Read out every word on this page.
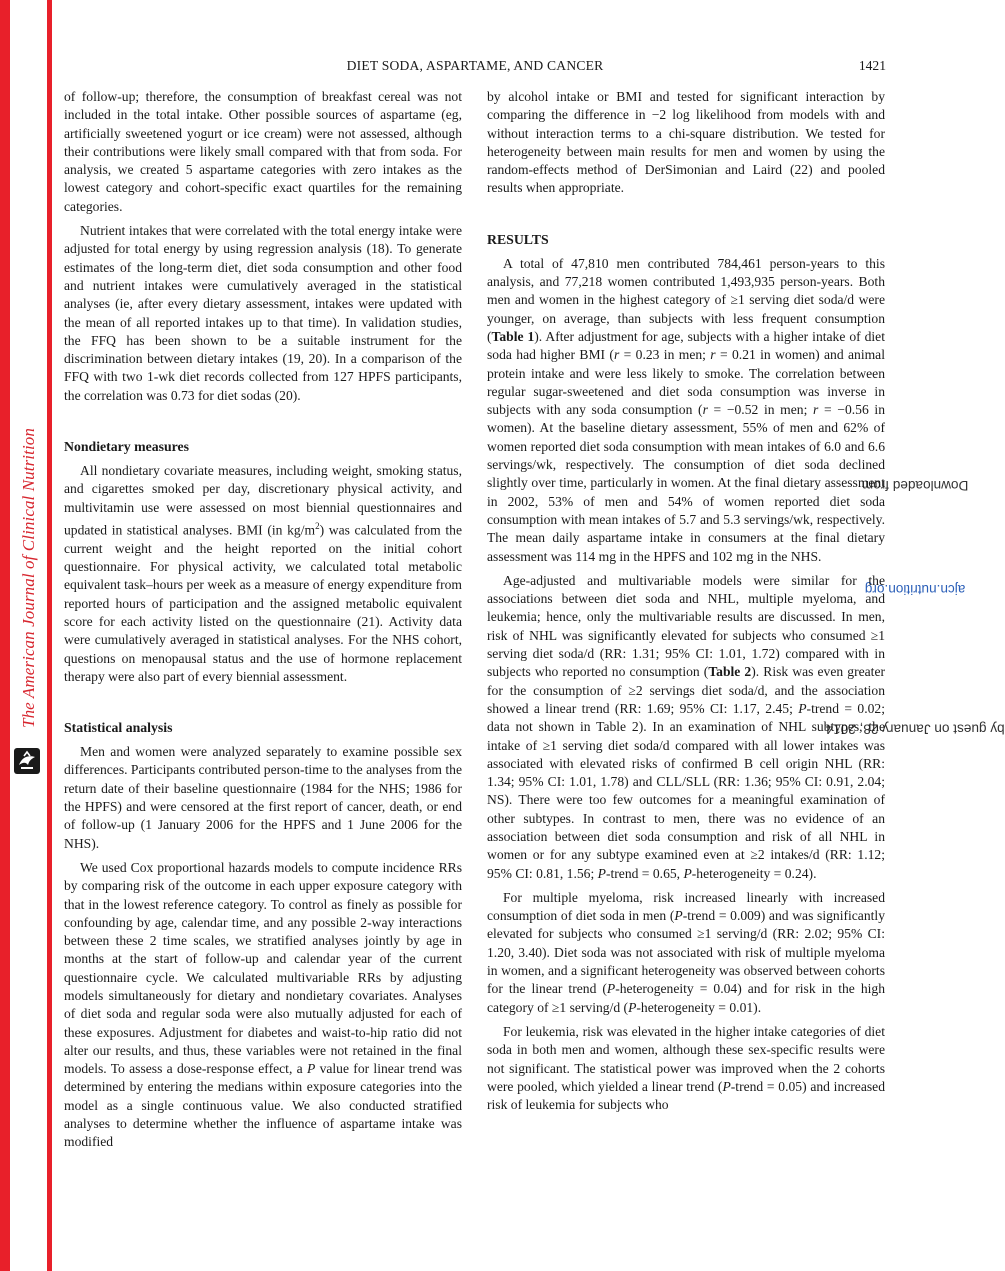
The American Journal of Clinical Nutrition	Downloaded fromajcn.nutrition.orgby guest on January 28, 2014
DIET SODA, ASPARTAME, AND CANCER	1421

of follow-up; therefore, the consumption of breakfast cereal was not included in the total intake. Other possible sources of aspartame (eg, artificially sweetened yogurt or ice cream) were not assessed, although their contributions were likely small compared with that from soda. For analysis, we created 5 aspartame categories with zero intakes as the lowest category and cohort-specific exact quartiles for the remaining categories.

Nutrient intakes that were correlated with the total energy intake were adjusted for total energy by using regression analysis (18). To generate estimates of the long-term diet, diet soda consumption and other food and nutrient intakes were cumulatively averaged in the statistical analyses (ie, after every dietary assessment, intakes were updated with the mean of all reported intakes up to that time). In validation studies, the FFQ has been shown to be a suitable instrument for the discrimination between dietary intakes (19, 20). In a comparison of the FFQ with two 1-wk diet records collected from 127 HPFS participants, the correlation was 0.73 for diet sodas (20).

Nondietary measures

All nondietary covariate measures, including weight, smoking status, and cigarettes smoked per day, discretionary physical activity, and multivitamin use were assessed on most biennial questionnaires and updated in statistical analyses. BMI (in $kg/m^2$) was calculated from the current weight and the height reported on the initial cohort questionnaire. For physical activity, we calculated total metabolic equivalent task–hours per week as a measure of energy expenditure from reported hours of participation and the assigned metabolic equivalent score for each activity listed on the questionnaire (21). Activity data were cumulatively averaged in statistical analyses. For the NHS cohort, questions on menopausal status and the use of hormone replacement therapy were also part of every biennial assessment.

Statistical analysis

Men and women were analyzed separately to examine possible sex differences. Participants contributed person-time to the analyses from the return date of their baseline questionnaire (1984 for the NHS; 1986 for the HPFS) and were censored at the first report of cancer, death, or end of follow-up (1 January 2006 for the HPFS and 1 June 2006 for the NHS).

We used Cox proportional hazards models to compute incidence RRs by comparing risk of the outcome in each upper exposure category with that in the lowest reference category. To control as finely as possible for confounding by age, calendar time, and any possible 2-way interactions between these 2 time scales, we stratified analyses jointly by age in months at the start of follow-up and calendar year of the current questionnaire cycle. We calculated multivariable RRs by adjusting models simultaneously for dietary and nondietary covariates. Analyses of diet soda and regular soda were also mutually adjusted for each of these exposures. Adjustment for diabetes and waist-to-hip ratio did not alter our results, and thus, these variables were not retained in the final models. To assess a dose-response effect, a P value for linear trend was determined by entering the medians within exposure categories into the model as a single continuous value. We also conducted stratified analyses to determine whether the influence of aspartame intake was modified

by alcohol intake or BMI and tested for significant interaction by comparing the difference in −2 log likelihood from models with and without interaction terms to a chi-square distribution. We tested for heterogeneity between main results for men and women by using the random-effects method of DerSimonian and Laird (22) and pooled results when appropriate.

RESULTS

A total of 47,810 men contributed 784,461 person-years to this analysis, and 77,218 women contributed 1,493,935 person-years. Both men and women in the highest category of ≥1 serving diet soda/d were younger, on average, than subjects with less frequent consumption (Table 1). After adjustment for age, subjects with a higher intake of diet soda had higher BMI (r = 0.23 in men; r = 0.21 in women) and animal protein intake and were less likely to smoke. The correlation between regular sugar-sweetened and diet soda consumption was inverse in subjects with any soda consumption (r = −0.52 in men; r = −0.56 in women). At the baseline dietary assessment, 55% of men and 62% of women reported diet soda consumption with mean intakes of 6.0 and 6.6 servings/wk, respectively. The consumption of diet soda declined slightly over time, particularly in women. At the final dietary assessment in 2002, 53% of men and 54% of women reported diet soda consumption with mean intakes of 5.7 and 5.3 servings/wk, respectively. The mean daily aspartame intake in consumers at the final dietary assessment was 114 mg in the HPFS and 102 mg in the NHS.

Age-adjusted and multivariable models were similar for the associations between diet soda and NHL, multiple myeloma, and leukemia; hence, only the multivariable results are discussed. In men, risk of NHL was significantly elevated for subjects who consumed ≥1 serving diet soda/d (RR: 1.31; 95% CI: 1.01, 1.72) compared with in subjects who reported no consumption (Table 2). Risk was even greater for the consumption of ≥2 servings diet soda/d, and the association showed a linear trend (RR: 1.69; 95% CI: 1.17, 2.45; P-trend = 0.02; data not shown in Table 2). In an examination of NHL subtypes, the intake of ≥1 serving diet soda/d compared with all lower intakes was associated with elevated risks of confirmed B cell origin NHL (RR: 1.34; 95% CI: 1.01, 1.78) and CLL/SLL (RR: 1.36; 95% CI: 0.91, 2.04; NS). There were too few outcomes for a meaningful examination of other subtypes. In contrast to men, there was no evidence of an association between diet soda consumption and risk of all NHL in women or for any subtype examined even at ≥2 intakes/d (RR: 1.12; 95% CI: 0.81, 1.56; P-trend = 0.65, P-heterogeneity = 0.24).

For multiple myeloma, risk increased linearly with increased consumption of diet soda in men (P-trend = 0.009) and was significantly elevated for subjects who consumed ≥1 serving/d (RR: 2.02; 95% CI: 1.20, 3.40). Diet soda was not associated with risk of multiple myeloma in women, and a significant heterogeneity was observed between cohorts for the linear trend (P-heterogeneity = 0.04) and for risk in the high category of ≥1 serving/d (P-heterogeneity = 0.01).

For leukemia, risk was elevated in the higher intake categories of diet soda in both men and women, although these sex-specific results were not significant. The statistical power was improved when the 2 cohorts were pooled, which yielded a linear trend (P-trend = 0.05) and increased risk of leukemia for subjects who
